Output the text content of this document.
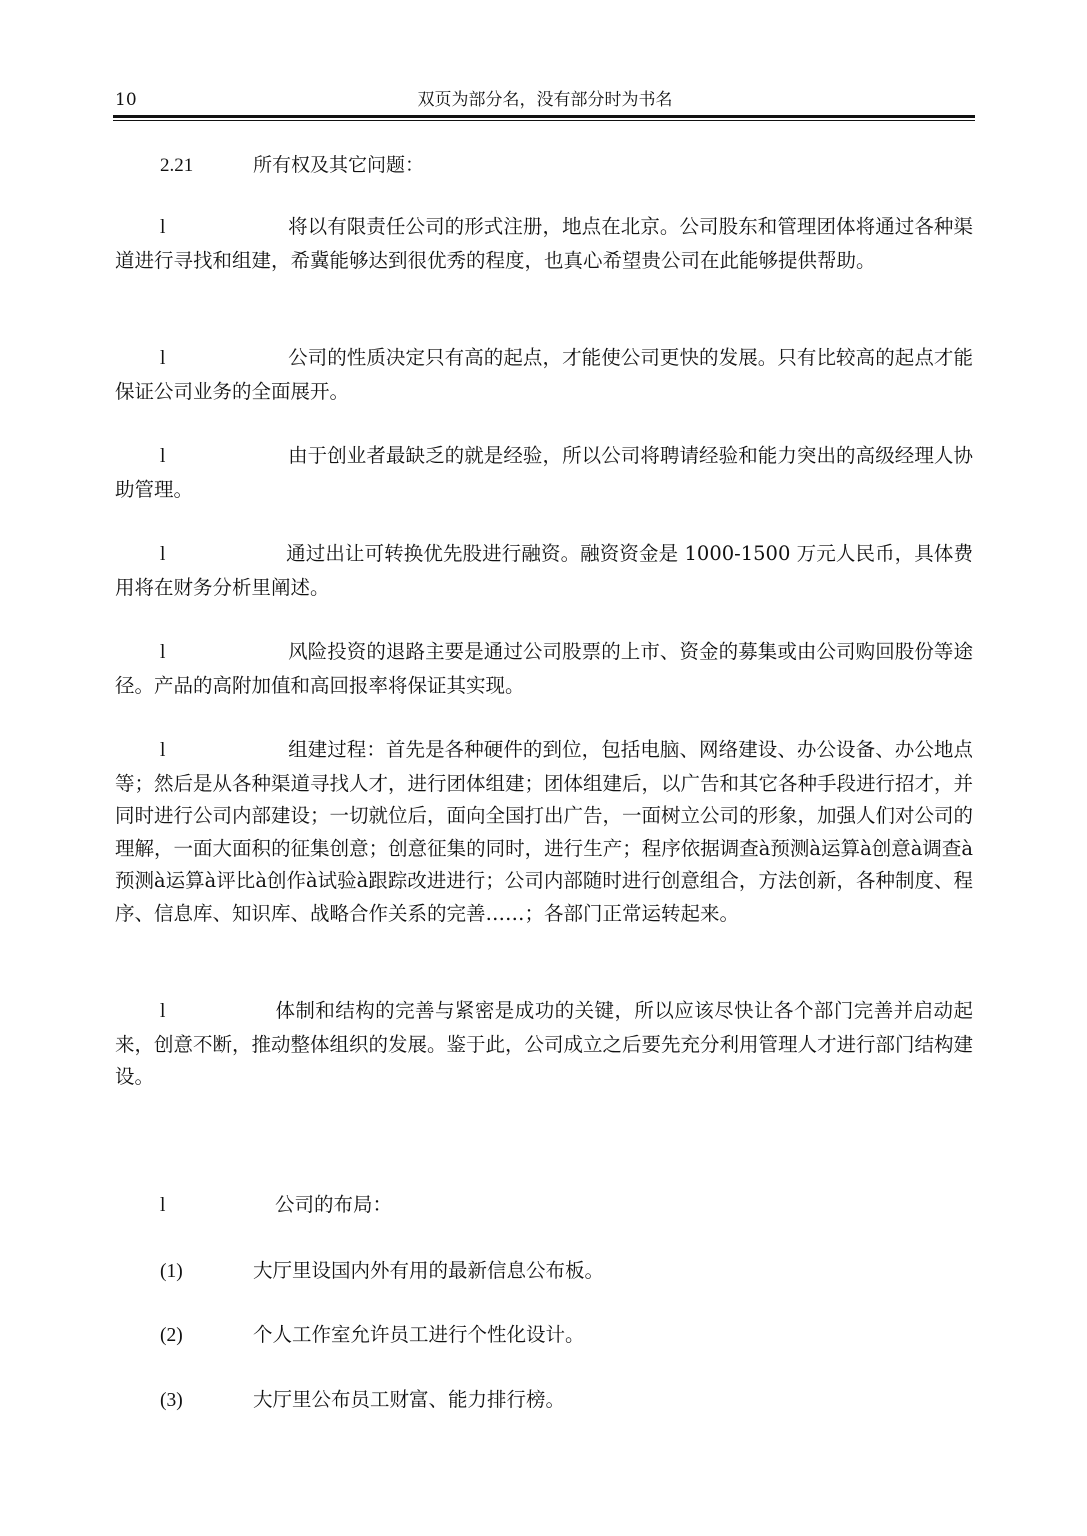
10	双页为部分名，没有部分时为书名
2.21	所有权及其它问题：
l	将以有限责任公司的形式注册，地点在北京。公司股东和管理团体将通过各种渠道进行寻找和组建，希冀能够达到很优秀的程度，也真心希望贵公司在此能够提供帮助。
l	公司的性质决定只有高的起点，才能使公司更快的发展。只有比较高的起点才能保证公司业务的全面展开。
l	由于创业者最缺乏的就是经验，所以公司将聘请经验和能力突出的高级经理人协助管理。
l	通过出让可转换优先股进行融资。融资资金是 1000-1500 万元人民币，具体费用将在财务分析里阐述。
l	风险投资的退路主要是通过公司股票的上市、资金的募集或由公司购回股份等途径。产品的高附加值和高回报率将保证其实现。
l	组建过程：首先是各种硬件的到位，包括电脑、网络建设、办公设备、办公地点等；然后是从各种渠道寻找人才，进行团体组建；团体组建后，以广告和其它各种手段进行招才，并同时进行公司内部建设；一切就位后，面向全国打出广告，一面树立公司的形象，加强人们对公司的理解，一面大面积的征集创意；创意征集的同时，进行生产；程序依据调查à预测à运算à创意à调查à预测à运算à评比à创作à试验à跟踪改进进行；公司内部随时进行创意组合，方法创新，各种制度、程序、信息库、知识库、战略合作关系的完善……；各部门正常运转起来。
l	体制和结构的完善与紧密是成功的关键，所以应该尽快让各个部门完善并启动起来，创意不断，推动整体组织的发展。鉴于此，公司成立之后要先充分利用管理人才进行部门结构建设。
l	公司的布局：
(1)	大厅里设国内外有用的最新信息公布板。
(2)	个人工作室允许员工进行个性化设计。
(3)	大厅里公布员工财富、能力排行榜。
